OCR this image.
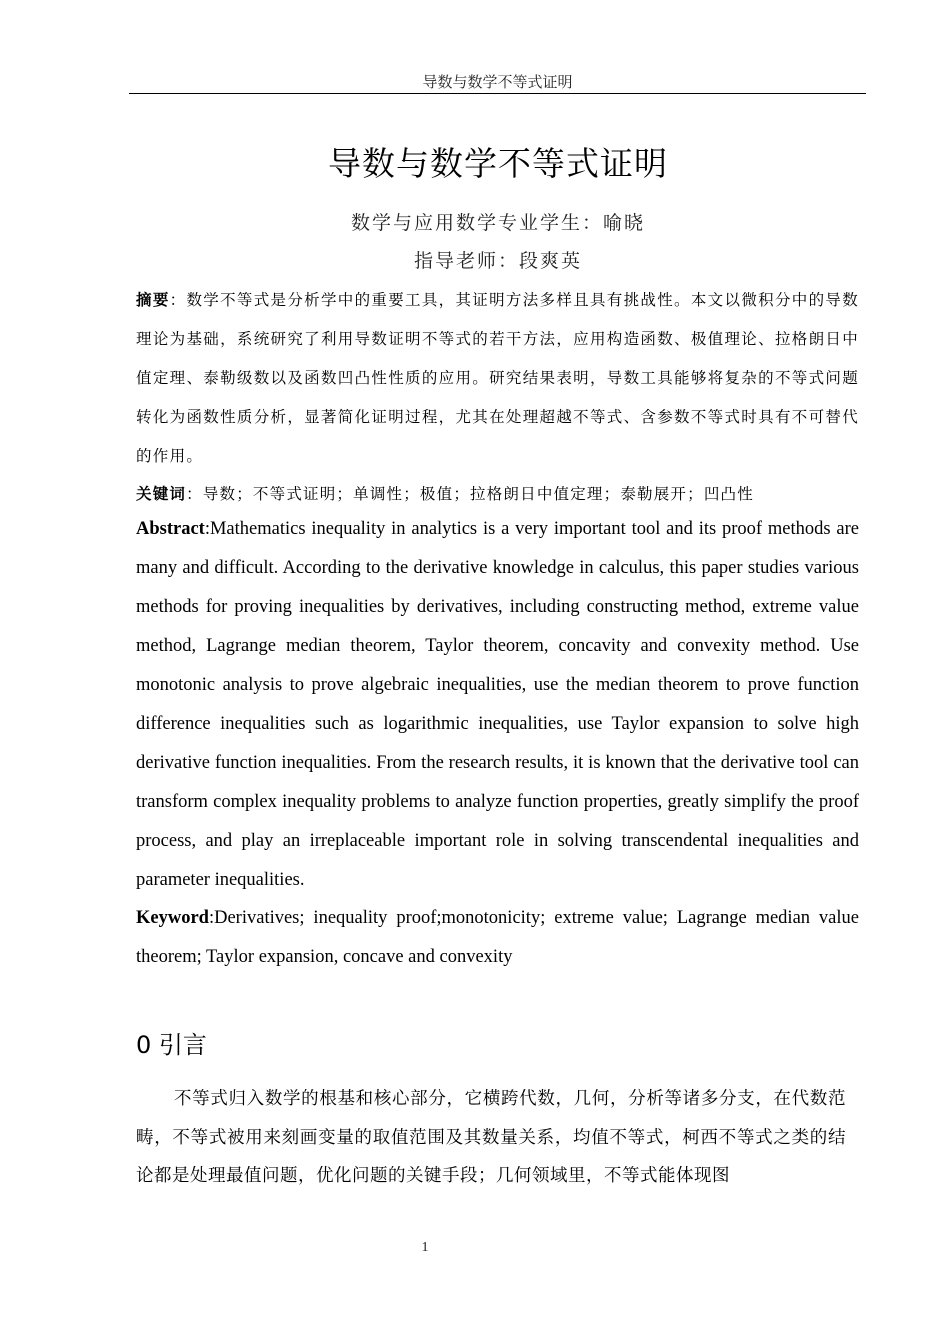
导数与数学不等式证明
导数与数学不等式证明
数学与应用数学专业学生：喻晓
指导老师：段爽英
摘要：数学不等式是分析学中的重要工具，其证明方法多样且具有挑战性。本文以微积分中的导数理论为基础，系统研究了利用导数证明不等式的若干方法，应用构造函数、极值理论、拉格朗日中值定理、泰勒级数以及函数凹凸性性质的应用。研究结果表明，导数工具能够将复杂的不等式问题转化为函数性质分析，显著简化证明过程，尤其在处理超越不等式、含参数不等式时具有不可替代的作用。
关键词：导数；不等式证明；单调性；极值；拉格朗日中值定理；泰勒展开；凹凸性
Abstract:Mathematics inequality in analytics is a very important tool and its proof methods are many and difficult. According to the derivative knowledge in calculus, this paper studies various methods for proving inequalities by derivatives, including constructing method, extreme value method, Lagrange median theorem, Taylor theorem, concavity and convexity method. Use monotonic analysis to prove algebraic inequalities, use the median theorem to prove function difference inequalities such as logarithmic inequalities, use Taylor expansion to solve high derivative function inequalities. From the research results, it is known that the derivative tool can transform complex inequality problems to analyze function properties, greatly simplify the proof process, and play an irreplaceable important role in solving transcendental inequalities and parameter inequalities.
Keyword:Derivatives; inequality proof;monotonicity; extreme value; Lagrange median value theorem; Taylor expansion, concave and convexity
0 引言
不等式归入数学的根基和核心部分，它横跨代数，几何，分析等诸多分支，在代数范畴，不等式被用来刻画变量的取值范围及其数量关系，均值不等式，柯西不等式之类的结论都是处理最值问题，优化问题的关键手段；几何领域里，不等式能体现图
1
